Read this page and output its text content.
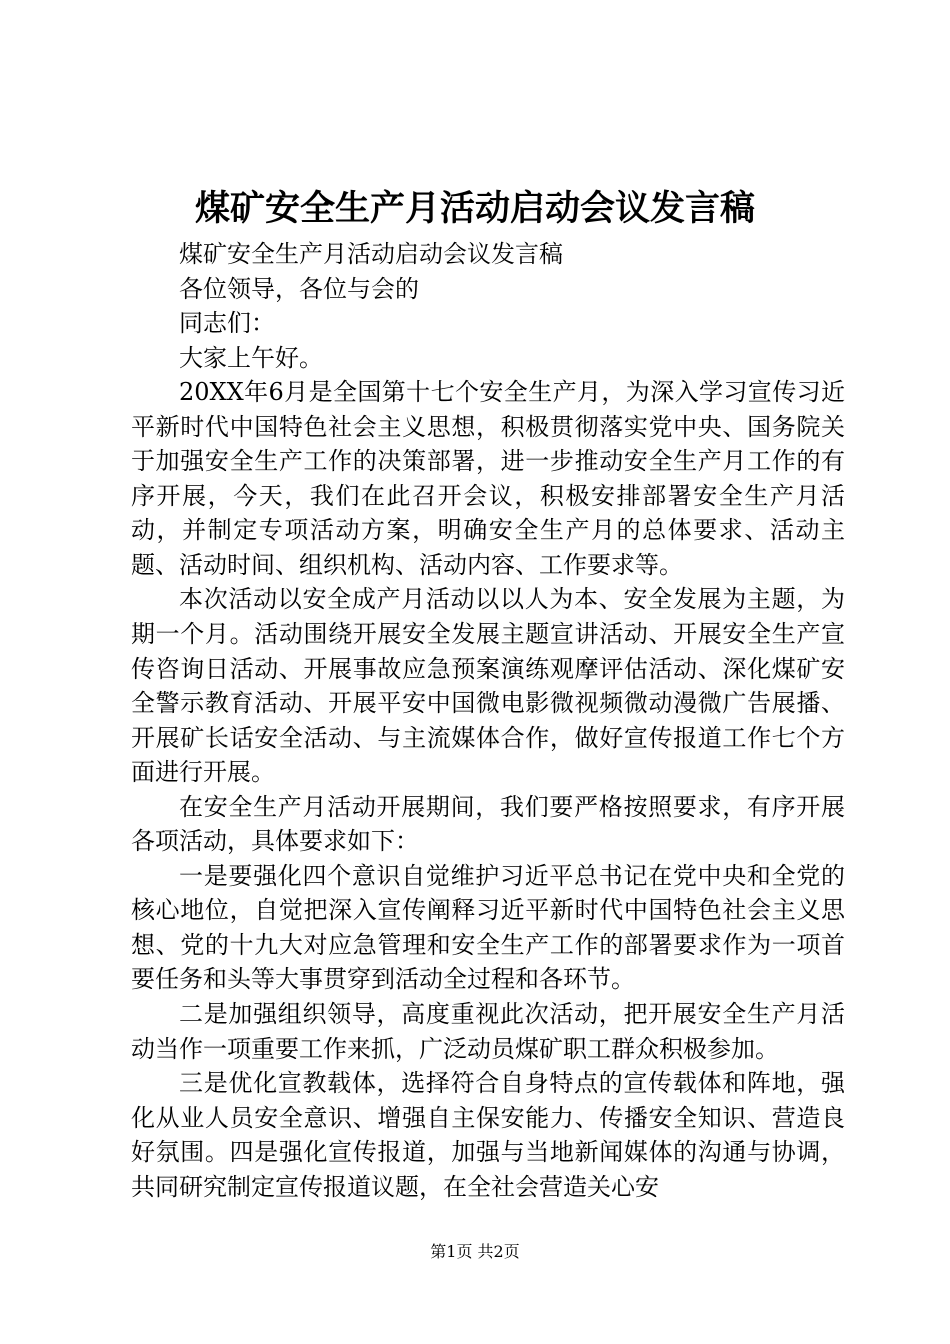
煤矿安全生产月活动启动会议发言稿

煤矿安全生产月活动启动会议发言稿

各位领导，各位与会的

同志们：

大家上午好。

20XX年6月是全国第十七个安全生产月，为深入学习宣传习近平新时代中国特色社会主义思想，积极贯彻落实党中央、国务院关于加强安全生产工作的决策部署，进一步推动安全生产月工作的有序开展，今天，我们在此召开会议，积极安排部署安全生产月活动，并制定专项活动方案，明确安全生产月的总体要求、活动主题、活动时间、组织机构、活动内容、工作要求等。

本次活动以安全成产月活动以以人为本、安全发展为主题，为期一个月。活动围绕开展安全发展主题宣讲活动、开展安全生产宣传咨询日活动、开展事故应急预案演练观摩评估活动、深化煤矿安全警示教育活动、开展平安中国微电影微视频微动漫微广告展播、开展矿长话安全活动、与主流媒体合作，做好宣传报道工作七个方面进行开展。

在安全生产月活动开展期间，我们要严格按照要求，有序开展各项活动，具体要求如下：

一是要强化四个意识自觉维护习近平总书记在党中央和全党的核心地位，自觉把深入宣传阐释习近平新时代中国特色社会主义思想、党的十九大对应急管理和安全生产工作的部署要求作为一项首要任务和头等大事贯穿到活动全过程和各环节。

二是加强组织领导，高度重视此次活动，把开展安全生产月活动当作一项重要工作来抓，广泛动员煤矿职工群众积极参加。

三是优化宣教载体，选择符合自身特点的宣传载体和阵地，强化从业人员安全意识、增强自主保安能力、传播安全知识、营造良好氛围。四是强化宣传报道，加强与当地新闻媒体的沟通与协调，共同研究制定宣传报道议题，在全社会营造关心安

第1页 共2页
